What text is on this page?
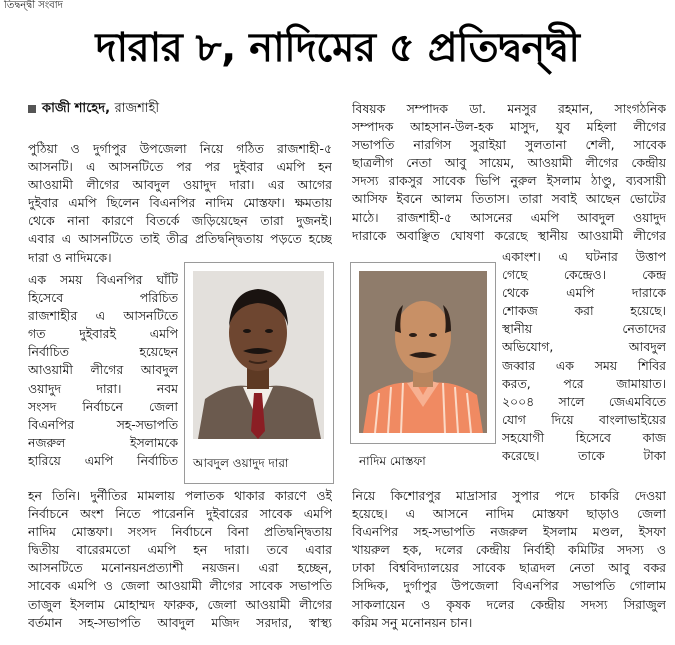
তিদ্বন্দ্বী সংবাদ
দারার ৮, নাদিমের ৫ প্রতিদ্বন্দ্বী
কাজী শাহেদ , রাজশাহী
পুঠিয়া ও দুর্গাপুর উপজেলা নিয়ে গঠিত রাজশাহী-৫
আসনটি। এ আসনটিতে পর পর দুইবার এমপি হন
আওয়ামী লীগের আবদুল ওয়াদুদ দারা। এর আগের
দুইবার এমপি ছিলেন বিএনপির নাদিম মোস্তফা। ক্ষমতায়
থেকে নানা কারণে বিতর্কে জড়িয়েছেন তারা দুজনই।
এবার এ আসনটিতে তাই তীব্র প্রতিদ্বন্দ্বিতায় পড়তে হচ্ছে
দারা ও নাদিমকে।
এক সময় বিএনপির ঘাঁটি
হিসেবে পরিচিত
রাজশাহীর এ আসনটিতে
গত দুইবারই এমপি
নির্বাচিত হয়েছেন
আওয়ামী লীগের আবদুল
ওয়াদুদ দারা। নবম
সংসদ নির্বাচনে জেলা
বিএনপির সহ-সভাপতি
নজরুল ইসলামকে
হারিয়ে এমপি নির্বাচিত
হন তিনি। দুর্নীতির মামলায় পলাতক থাকার কারণে ওই
নির্বাচনে অংশ নিতে পারেননি দুইবারের সাবেক এমপি
নাদিম মোস্তফা। সংসদ নির্বাচনে বিনা প্রতিদ্বন্দ্বিতায়
দ্বিতীয় বারেরমতো এমপি হন দারা। তবে এবার
আসনটিতে মনোনয়নপ্রত্যাশী নয়জন। এরা হচ্ছেন,
সাবেক এমপি ও জেলা আওয়ামী লীগের সাবেক সভাপতি
তাজুল ইসলাম মোহাম্মদ ফারুক, জেলা আওয়ামী লীগের
বর্তমান সহ-সভাপতি আবদুল মজিদ সরদার, স্বাস্থ্য
বিষয়ক সম্পাদক ডা. মনসুর রহমান, সাংগঠনিক
সম্পাদক আহসান-উল-হক মাসুদ, যুব মহিলা লীগের
সভাপতি নারগিস সুরাইয়া সুলতানা শেলী, সাবেক
ছাত্রলীগ নেতা আবু সায়েম, আওয়ামী লীগের কেন্দ্রীয়
সদস্য রাকসুর সাবেক ভিপি নুরুল ইসলাম ঠাণ্ডু, ব্যবসায়ী
আসিফ ইবনে আলম তিতাস। তারা সবাই আছেন ভোটের
মাঠে। রাজশাহী-৫ আসনের এমপি আবদুল ওয়াদুদ
দারাকে অবাঞ্ছিত ঘোষণা করেছে স্থানীয় আওয়ামী লীগের
একাংশ। এ ঘটনার উত্তাপ
গেছে কেন্দ্রেও। কেন্দ্র
থেকে এমপি দারাকে
শোকজ করা হয়েছে।
স্থানীয় নেতাদের
অভিযোগ, আবদুল
জব্বার এক সময় শিবির
করত, পরে জামায়াত।
২০০৪ সালে জেএমবিতে
যোগ দিয়ে বাংলাভাইয়ের
সহযোগী হিসেবে কাজ
করেছে। তাকে টাকা
নিয়ে কিশোরপুর মাদ্রাসার সুপার পদে চাকরি দেওয়া
হয়েছে। এ আসনে নাদিম মোস্তফা ছাড়াও জেলা
বিএনপির সহ-সভাপতি নজরুল ইসলাম মণ্ডল, ইসফা
খায়রুল হক, দলের কেন্দ্রীয় নির্বাহী কমিটির সদস্য ও
ঢাকা বিশ্ববিদ্যালয়ের সাবেক ছাত্রদল নেতা আবু বকর
সিদ্দিক, দুর্গাপুর উপজেলা বিএনপির সভাপতি গোলাম
সাকলায়েন ও কৃষক দলের কেন্দ্রীয় সদস্য সিরাজুল
করিম সনু মনোনয়ন চান।
আবদুল ওয়াদুদ দারা	নাদিম মোস্তফা
